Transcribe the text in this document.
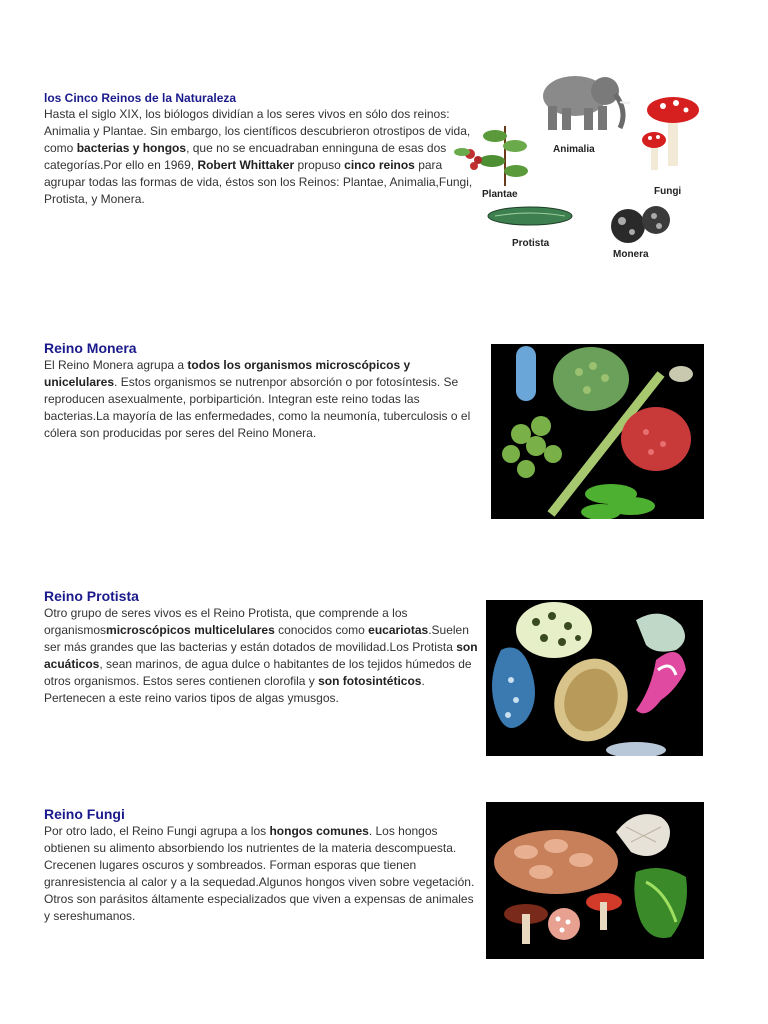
los Cinco Reinos de la Naturaleza

Hasta el siglo XIX, los biólogos dividían a los seres vivos en sólo dos reinos: Animalia y Plantae. Sin embargo, los científicos descubrieron otrostipos de vida, como bacterias y hongos, que no se encuadraban enninguna de esas dos categorías.Por ello en 1969, Robert Whittaker propuso cinco reinos para agrupar todas las formas de vida, éstos son los Reinos: Plantae, Animalia,Fungi, Protista, y Monera.

Animalia
Plantae	Fungi
Protista
Monera
Reino Monera

El Reino Monera agrupa a todos los organismos microscópicos y unicelulares. Estos organismos se nutrenpor absorción o por fotosíntesis. Se reproducen asexualmente, porbipartición. Integran este reino todas las bacterias.La mayoría de las enfermedades, como la neumonía, tuberculosis o el cólera son producidas por seres del Reino Monera.

Reino Protista

Otro grupo de seres vivos es el Reino Protista, que comprende a los organismosmicroscópicos multicelulares conocidos como eucariotas.Suelen ser más grandes que las bacterias y están dotados de movilidad.Los Protista son acuáticos, sean marinos, de agua dulce o habitantes de los tejidos húmedos de otros organismos. Estos seres contienen clorofila y son fotosintéticos. Pertenecen a este reino varios tipos de algas ymusgos.

Reino Fungi

Por otro lado, el Reino Fungi agrupa a los hongos comunes. Los hongos obtienen su alimento absorbiendo los nutrientes de la materia descompuesta. Crecenen lugares oscuros y sombreados. Forman esporas que tienen granresistencia al calor y a la sequedad.Algunos hongos viven sobre vegetación. Otros son parásitos áltamente especializados que viven a expensas de animales y sereshumanos.
